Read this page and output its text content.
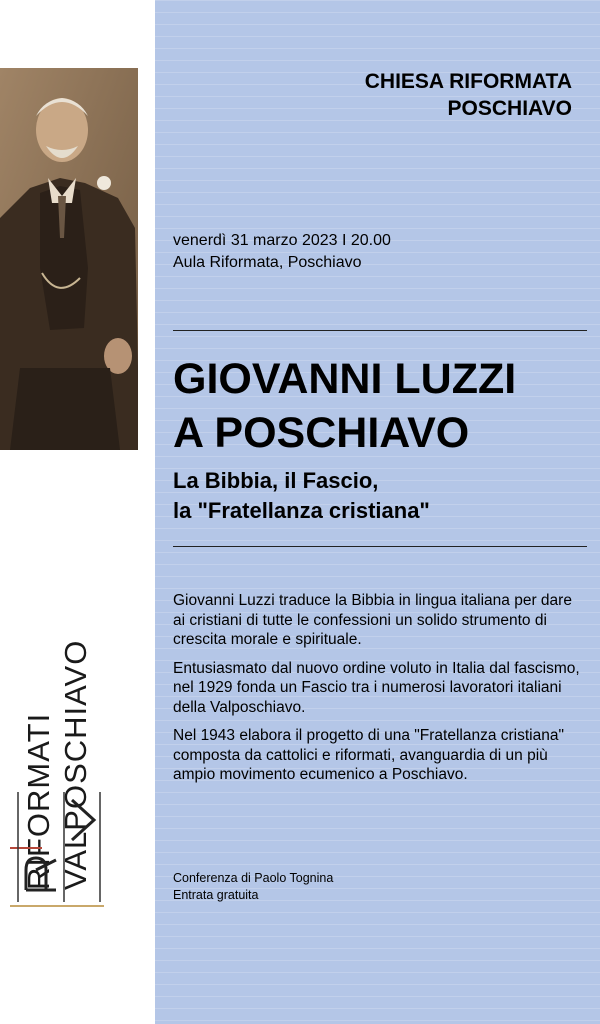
RIFORMATI VALPOSCHIAVO
CHIESA RIFORMATA
POSCHIAVO
venerdì 31 marzo 2023 I 20.00
Aula Riformata, Poschiavo
GIOVANNI LUZZI
A POSCHIAVO
La Bibbia, il Fascio,
la "Fratellanza cristiana"

Giovanni Luzzi traduce la Bibbia in lingua italiana per dare ai cristiani di tutte le confessioni un solido strumento di crescita morale e spirituale.

Entusiasmato dal nuovo ordine voluto in Italia dal fascismo, nel 1929 fonda un Fascio tra i numerosi lavoratori italiani della Valposchiavo.

Nel 1943 elabora il progetto di una "Fratellanza cristiana" composta da cattolici e riformati, avanguardia di un più ampio movimento ecumenico a Poschiavo.

Conferenza di Paolo Tognina
Entrata gratuita
